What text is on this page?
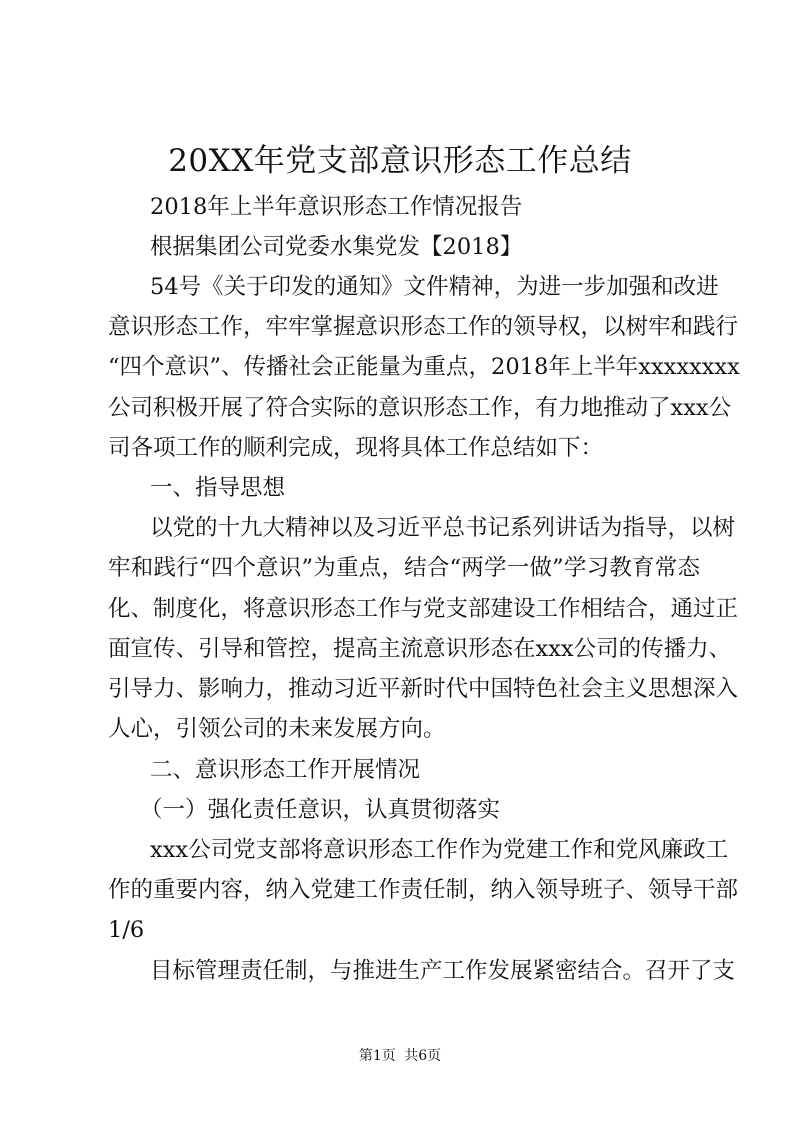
20XX年党支部意识形态工作总结

2018年上半年意识形态工作情况报告

根据集团公司党委水集党发【2018】

54号《关于印发的通知》文件精神，为进一步加强和改进

意识形态工作，牢牢掌握意识形态工作的领导权，以树牢和践行

“四个意识”、传播社会正能量为重点，2018年上半年xxxxxxxx

公司积极开展了符合实际的意识形态工作，有力地推动了xxx公

司各项工作的顺利完成，现将具体工作总结如下：

一、指导思想

以党的十九大精神以及习近平总书记系列讲话为指导，以树

牢和践行“四个意识”为重点，结合“两学一做”学习教育常态

化、制度化，将意识形态工作与党支部建设工作相结合，通过正

面宣传、引导和管控，提高主流意识形态在xxx公司的传播力、

引导力、影响力，推动习近平新时代中国特色社会主义思想深入

人心，引领公司的未来发展方向。

二、意识形态工作开展情况

（一）强化责任意识，认真贯彻落实

xxx公司党支部将意识形态工作作为党建工作和党风廉政工

作的重要内容，纳入党建工作责任制，纳入领导班子、领导干部

1/6

目标管理责任制，与推进生产工作发展紧密结合。召开了支

第1页 共6页
